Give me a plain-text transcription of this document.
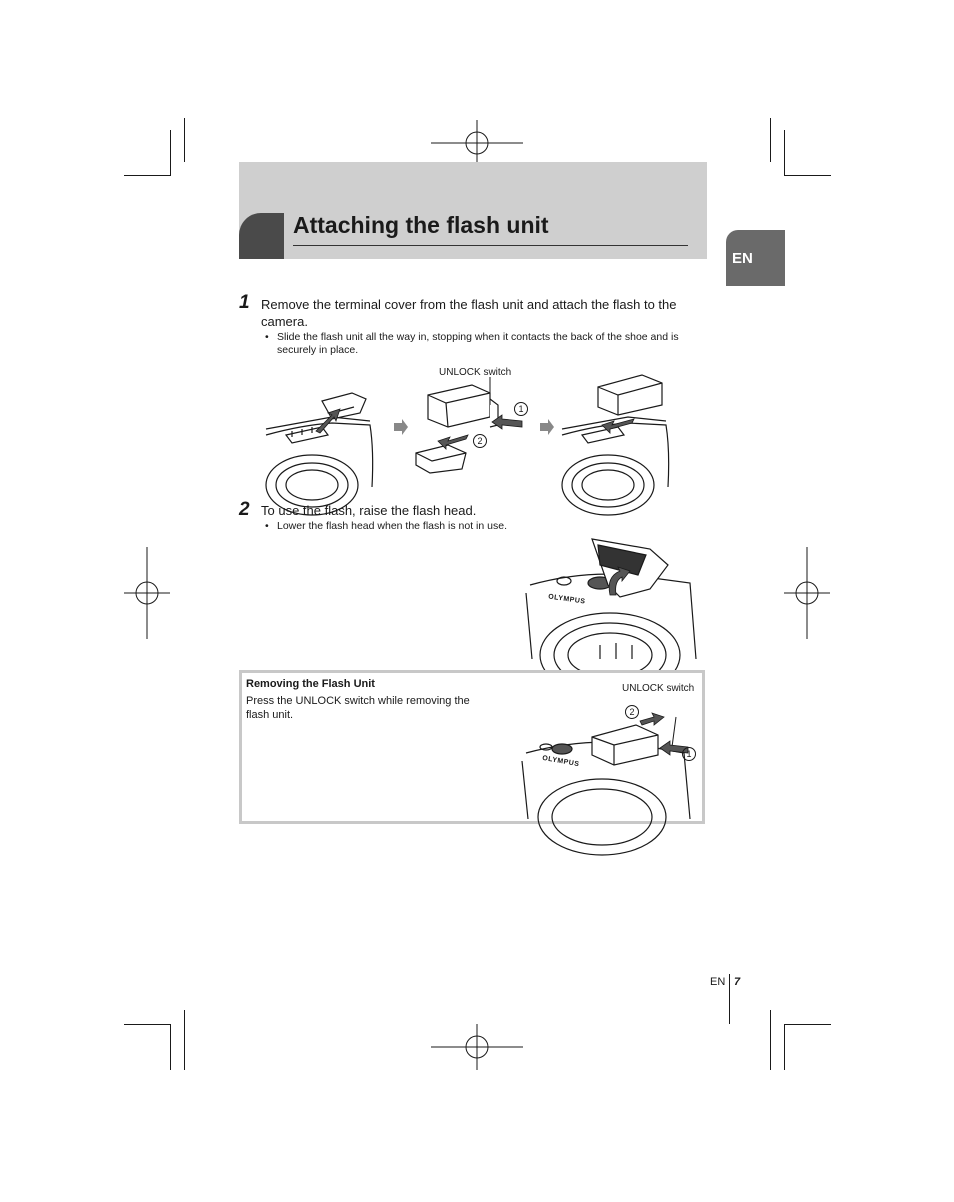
Attaching the flash unit
EN
1 Remove the terminal cover from the flash unit and attach the flash to the camera.
• Slide the flash unit all the way in, stopping when it contacts the back of the shoe and is securely in place.
UNLOCK switch
1
2
2 To use the flash, raise the flash head.
• Lower the flash head when the flash is not in use.
OLYMPUS
Removing the Flash Unit
Press the UNLOCK switch while removing the
flash unit.
UNLOCK switch
2
1
OLYMPUS
EN 7
